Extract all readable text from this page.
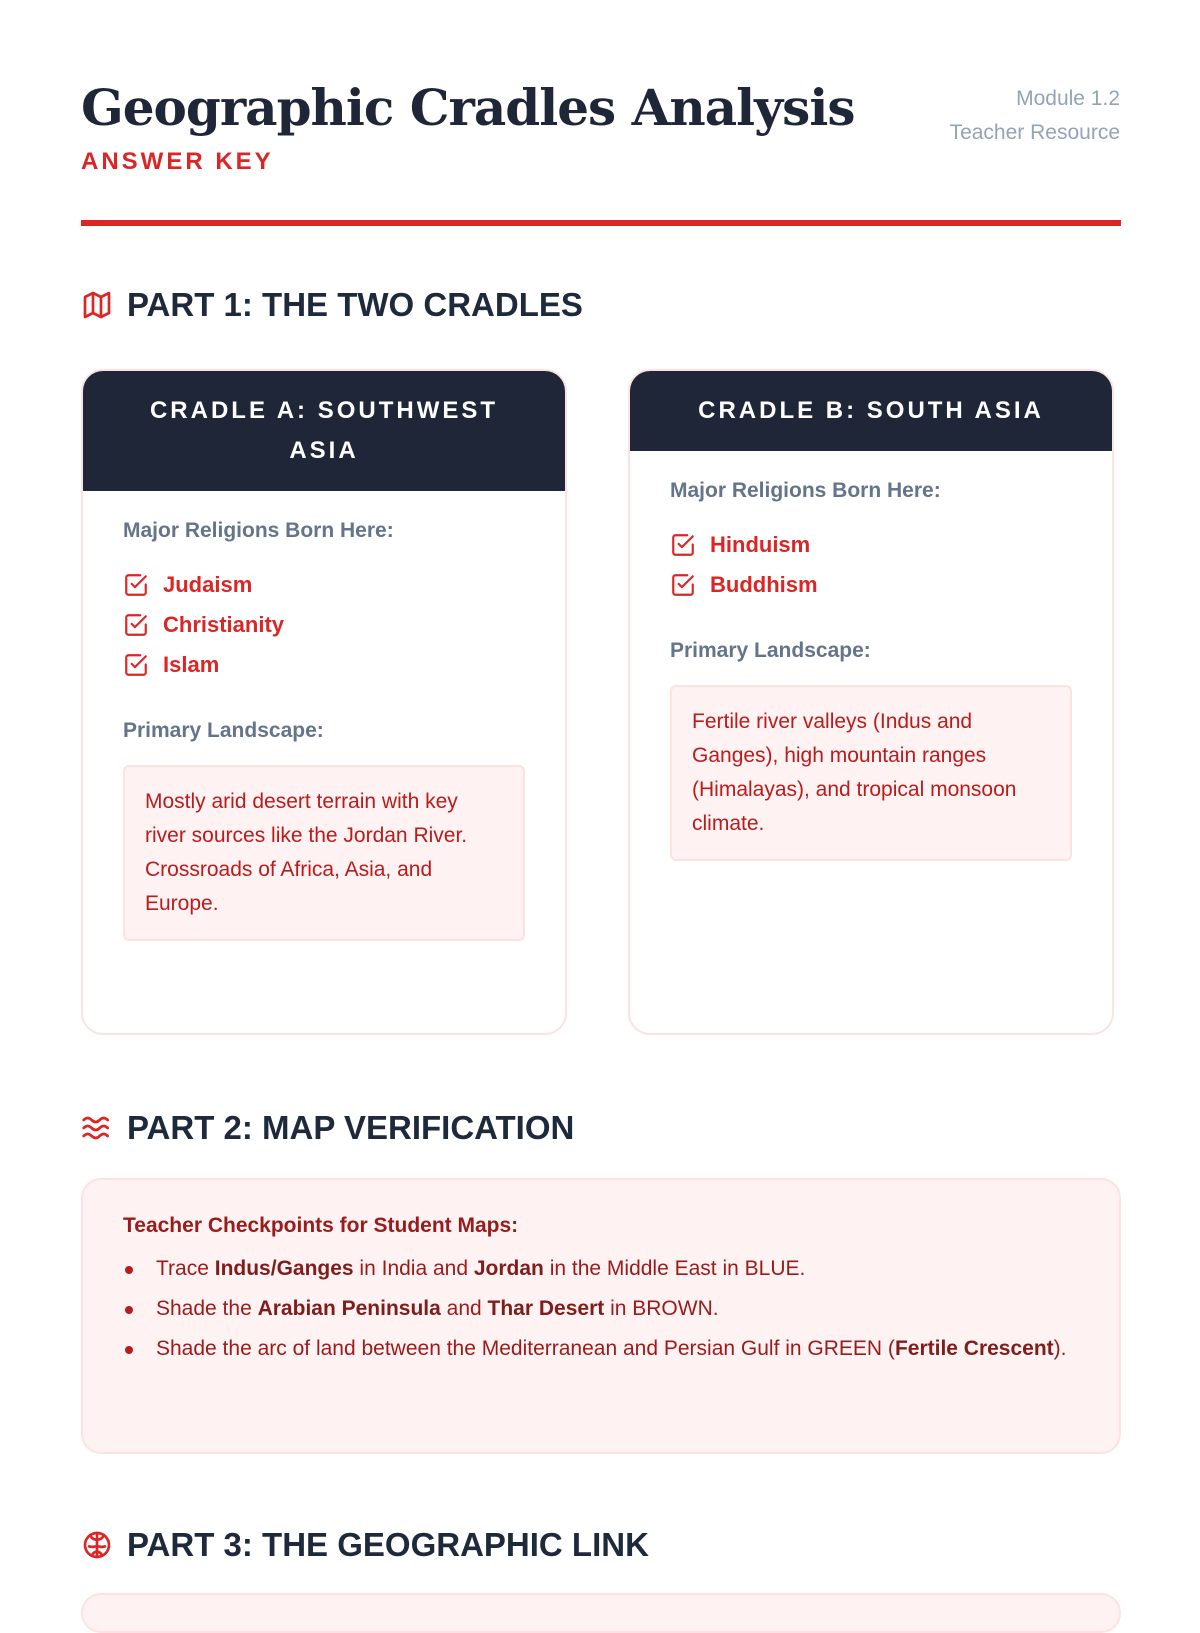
Geographic Cradles Analysis
ANSWER KEY
Module 1.2
Teacher Resource
PART 1: THE TWO CRADLES
CRADLE A: SOUTHWEST ASIA
Major Religions Born Here:
Judaism
Christianity
Islam
Primary Landscape:
Mostly arid desert terrain with key river sources like the Jordan River. Crossroads of Africa, Asia, and Europe.
CRADLE B: SOUTH ASIA
Major Religions Born Here:
Hinduism
Buddhism
Primary Landscape:
Fertile river valleys (Indus and Ganges), high mountain ranges (Himalayas), and tropical monsoon climate.
PART 2: MAP VERIFICATION
Teacher Checkpoints for Student Maps:
Trace Indus/Ganges in India and Jordan in the Middle East in BLUE.
Shade the Arabian Peninsula and Thar Desert in BROWN.
Shade the arc of land between the Mediterranean and Persian Gulf in GREEN (Fertile Crescent).
PART 3: THE GEOGRAPHIC LINK
